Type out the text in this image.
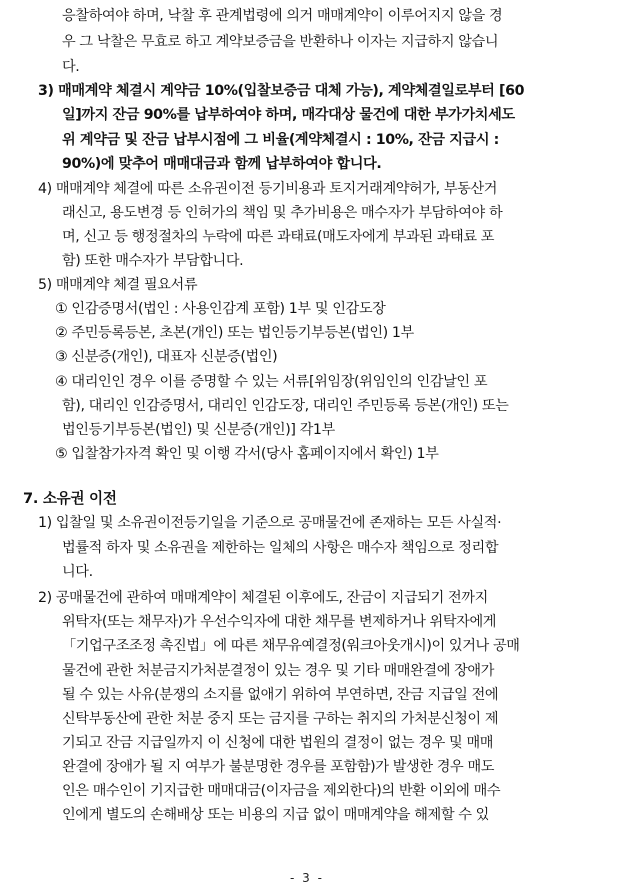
응찰하여야 하며, 낙찰 후 관계법령에 의거 매매계약이 이루어지지 않을 경
우 그 낙찰은 무효로 하고 계약보증금을 반환하나 이자는 지급하지 않습니
다.
3) 매매계약 체결시 계약금 10%(입찰보증금 대체 가능), 계약체결일로부터 [60
일]까지 잔금 90%를 납부하여야 하며, 매각대상 물건에 대한 부가가치세도
위 계약금 및 잔금 납부시점에 그 비율(계약체결시 : 10%, 잔금 지급시 :
90%)에 맞추어 매매대금과 함께 납부하여야 합니다.
4) 매매계약 체결에 따른 소유권이전 등기비용과 토지거래계약허가, 부동산거
래신고, 용도변경 등 인허가의 책임 및 추가비용은 매수자가 부담하여야 하
며, 신고 등 행정절차의 누락에 따른 과태료(매도자에게 부과된 과태료 포
함) 또한 매수자가 부담합니다.
5) 매매계약 체결 필요서류
① 인감증명서(법인 : 사용인감계 포함) 1부 및 인감도장
② 주민등록등본, 초본(개인) 또는 법인등기부등본(법인) 1부
③ 신분증(개인), 대표자 신분증(법인)
④ 대리인인 경우 이를 증명할 수 있는 서류[위임장(위임인의 인감날인 포
함), 대리인 인감증명서, 대리인 인감도장, 대리인 주민등록 등본(개인) 또는
법인등기부등본(법인) 및 신분증(개인)] 각1부
⑤ 입찰참가자격 확인 및 이행 각서(당사 홈페이지에서 확인) 1부
7. 소유권 이전
1) 입찰일 및 소유권이전등기일을 기준으로 공매물건에 존재하는 모든 사실적·
법률적 하자 및 소유권을 제한하는 일체의 사항은 매수자 책임으로 정리합
니다.
2) 공매물건에 관하여 매매계약이 체결된 이후에도, 잔금이 지급되기 전까지
위탁자(또는 채무자)가 우선수익자에 대한 채무를 변제하거나 위탁자에게
「기업구조조정 촉진법」에 따른 채무유예결정(워크아웃개시)이 있거나 공매
물건에 관한 처분금지가처분결정이 있는 경우 및 기타 매매완결에 장애가
될 수 있는 사유(분쟁의 소지를 없애기 위하여 부연하면, 잔금 지급일 전에
신탁부동산에 관한 처분 중지 또는 금지를 구하는 취지의 가처분신청이 제
기되고 잔금 지급일까지 이 신청에 대한 법원의 결정이 없는 경우 및 매매
완결에 장애가 될 지 여부가 불분명한 경우를 포함함)가 발생한 경우 매도
인은 매수인이 기지급한 매매대금(이자금을 제외한다)의 반환 이외에 매수
인에게 별도의 손해배상 또는 비용의 지급 없이 매매계약을 해제할 수 있
- 3 -
